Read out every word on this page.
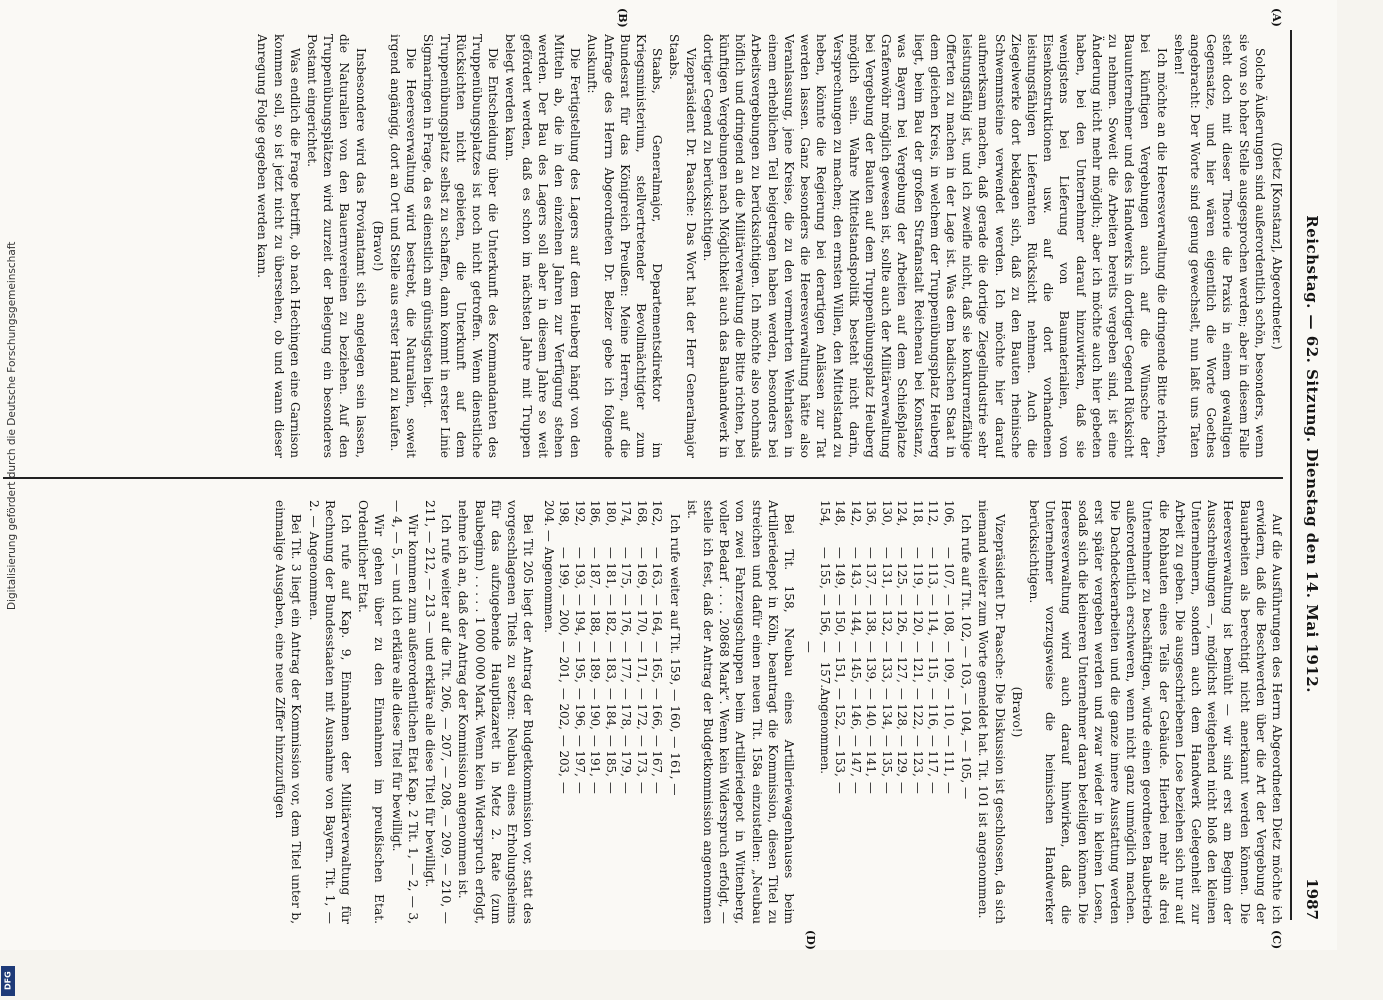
Reichstag. — 62. Sitzung. Dienstag den 14. Mai 1912.
1987
(A)
(B)
(C)
(D)

(Dietz [Konstanz], Abgeordneter.)

Solche Äußerungen sind außerordentlich schön, besonders, wenn sie von so hoher Stelle ausgesprochen werden; aber in diesem Falle steht doch mit dieser Theorie die Praxis in einem gewaltigen Gegensatze, und hier wären eigentlich die Worte Goethes angebracht: Der Worte sind genug gewechselt, nun laßt uns Taten sehen!

Ich möchte an die Heeresverwaltung die dringende Bitte richten, bei künftigen Vergebungen auch auf die Wünsche der Bauunternehmer und des Handwerks in dortiger Gegend Rücksicht zu nehmen. Soweit die Arbeiten bereits vergeben sind, ist eine Änderung nicht mehr möglich; aber ich möchte auch hier gebeten haben, bei den Unternehmer darauf hinzuwirken, daß sie wenigstens bei Lieferung von Baumaterialien, von Eisenkonstruktionen usw. auf die dort vorhandenen leistungsfähigen Lieferanten Rücksicht nehmen. Auch die Ziegelwerke dort beklagen sich, daß zu den Bauten rheinische Schwemmsteine verwendet werden. Ich möchte hier darauf aufmerksam machen, daß gerade die dortige Ziegelindustrie sehr leistungsfähig ist, und ich zweifle nicht, daß sie konkurrenzfähige Offerten zu machen in der Lage ist. Was dem badischen Staat in dem gleichen Kreis, in welchem der Truppenübungsplatz Heuberg liegt, beim Bau der großen Strafanstalt Reichenau bei Konstanz, was Bayern bei Vergebung der Arbeiten auf dem Schießplatze Grafenwöhr möglich gewesen ist, sollte auch der Militärverwaltung bei Vergebung der Bauten auf dem Truppenübungsplatz Heuberg möglich sein. Wahre Mittelstandspolitik besteht nicht darin, Versprechungen zu machen; den ernsten Willen, den Mittelstand zu heben, könnte die Regierung bei derartigen Anlässen zur Tat werden lassen. Ganz besonders die Heeresverwaltung hätte also Veranlassung, jene Kreise, die zu den vermehrten Wehrlasten in einem erheblichen Teil beigetragen haben werden, besonders bei Arbeitsvergebungen zu berücksichtigen. Ich möchte also nochmals höflich und dringend an die Militärverwaltung die Bitte richten, bei künftigen Vergebungen nach Möglichkeit auch das Bauhandwerk in dortiger Gegend zu berücksichtigen.

Vizepräsident Dr. Paasche: Das Wort hat der Herr Generalmajor Staabs.

Staabs, Generalmajor, Departementsdirektor im Kriegsministerium, stellvertretender Bevollmächtigter zum Bundesrat für das Königreich Preußen: Meine Herren, auf die Anfrage des Herrn Abgeordneten Dr. Belzer gebe ich folgende Auskunft:

Die Fertigstellung des Lagers auf dem Heuberg hängt von den Mitteln ab, die in den einzelnen Jahren zur Verfügung stehen werden. Der Bau des Lagers soll aber in diesem Jahre so weit gefördert werden, daß es schon im nächsten Jahre mit Truppen belegt werden kann.

Die Entscheidung über die Unterkunft des Kommandanten des Truppenübungsplatzes ist noch nicht getroffen. Wenn dienstliche Rücksichten nicht gebieten, die Unterkunft auf dem Truppenübungsplatz selbst zu schaffen, dann kommt in erster Linie Sigmaringen in Frage, da es dienstlich am günstigsten liegt.

Die Heeresverwaltung wird bestrebt, die Naturalien, soweit irgend angängig, dort an Ort und Stelle aus erster Hand zu kaufen.

(Bravo!)

Insbesondere wird das Proviantamt sich angelegen sein lassen, die Naturalien von den Bauernvereinen zu beziehen. Auf den Truppenübungsplätzen wird zurzeit der Belegung ein besonderes Postamt eingerichtet.

Was endlich die Frage betrifft, ob nach Hechingen eine Garnison kommen soll, so ist jetzt nicht zu übersehen, ob und wann dieser Anregung Folge gegeben werden kann.

Auf die Ausführungen des Herrn Abgeordneten Dietz möchte ich erwidern, daß die Beschwerden über die Art der Vergebung der Bauarbeiten als berechtigt nicht anerkannt werden können. Die Heeresverwaltung ist bemüht — wir sind erst am Beginn der Ausschreibungen —, möglichst weitgehend nicht bloß den kleinen Unternehmern, sondern auch dem Handwerk Gelegenheit zur Arbeit zu geben. Die ausgeschriebenen Lose beziehen sich nur auf die Rohbauten eines Teils der Gebäude. Hierbei mehr als drei Unternehmer zu beschäftigen, würde einen geordneten Baubetrieb außerordentlich erschweren, wenn nicht ganz unmöglich machen. Die Dachdeckerarbeiten und die ganze innere Ausstattung werden erst später vergeben werden und zwar wieder in kleinen Losen, sodaß sich die kleineren Unternehmer daran beteiligen können. Die Heeresverwaltung wird auch darauf hinwirken, daß die Unternehmer vorzugsweise die heimischen Handwerker berücksichtigen.

(Bravo!)

Vizepräsident Dr. Paasche: Die Diskussion ist geschlossen, da sich niemand weiter zum Worte gemeldet hat. Tit. 101 ist angenommen.

Ich rufe auf Tit. 102, — 103, — 104, — 105, —

106,
— 107,
— 108,
— 109,
— 110,
— 111,
—
112,
— 113,
— 114,
— 115,
— 116,
— 117,
—
118,
— 119,
— 120,
— 121,
— 122,
— 123,
—
124,
— 125,
— 126,
— 127,
— 128,
— 129,
—
130,
— 131,
— 132,
— 133,
— 134,
— 135,
—
136,
— 137,
— 138,
— 139,
— 140,
— 141,
—
142,
— 143,
— 144,
— 145,
— 146,
— 147,
—
148,
— 149,
— 150,
— 151,
— 152,
— 153,
—
154,
— 155,
— 156,
— 157. —
Angenommen.

Bei Tit. 158, Neubau eines Artilleriewagenhauses beim Artilleriedepot in Köln, beantragt die Kommission, diesen Titel zu streichen und dafür einen neuen Tit. 158a einzustellen: „Neubau von zwei Fahrzeugschuppen beim Artilleriedepot in Wittenberg, voller Bedarf . . . . 20868 Mark“. Wenn kein Widerspruch erfolgt, — stelle ich fest, daß der Antrag der Budgetkommission angenommen ist.

Ich rufe weiter auf Tit. 159, — 160, — 161, —

162,
— 163,
— 164,
— 165,
— 166,
— 167,
—
168,
— 169,
— 170,
— 171,
— 172,
— 173,
—
174,
— 175,
— 176,
— 177,
— 178,
— 179,
—
180,
— 181,
— 182,
— 183,
— 184,
— 185,
—
186,
— 187,
— 188,
— 189,
— 190,
— 191,
—
192,
— 193,
— 194,
— 195,
— 196,
— 197,
—
198,
— 199,
— 200,
— 201,
— 202,
— 203,
—
204. —
Angenommen.

Bei Tit 205 liegt der Antrag der Budgetkommission vor, statt des vorgeschlagenen Titels zu setzen: Neubau eines Erholungsheims für das aufzugebende Hauptlazarett in Metz 2. Rate (zum Baubeginn) . . . . . 1 000 000 Mark. Wenn kein Widerspruch erfolgt, nehme ich an, daß der Antrag der Kommission angenommen ist.

Ich rufe weiter auf die Tit. 206, — 207, — 208, — 209, — 210, — 211, — 212, — 213 — und erkläre alle diese Titel für bewilligt.

Wir kommen zum außerordentlichen Etat Kap. 2 Tit. 1, — 2, — 3, — 4, — 5, — und ich erkläre alle diese Titel für bewilligt.

Wir gehen über zu den Einnahmen im preußischen Etat. Ordentlicher Etat.

Ich rufe auf Kap. 9, Einnahmen der Militärverwaltung für Rechnung der Bundesstaaten mit Ausnahme von Bayern. Tit. 1, — 2. — Angenommen.

Bei Tit. 3 liegt ein Antrag der Kommission vor, dem Titel unter b, einmalige Ausgaben, eine neue Ziffer hinzuzufügen

Digitalisierung gefördert durch die Deutsche Forschungsgemeinschaft
DFG
